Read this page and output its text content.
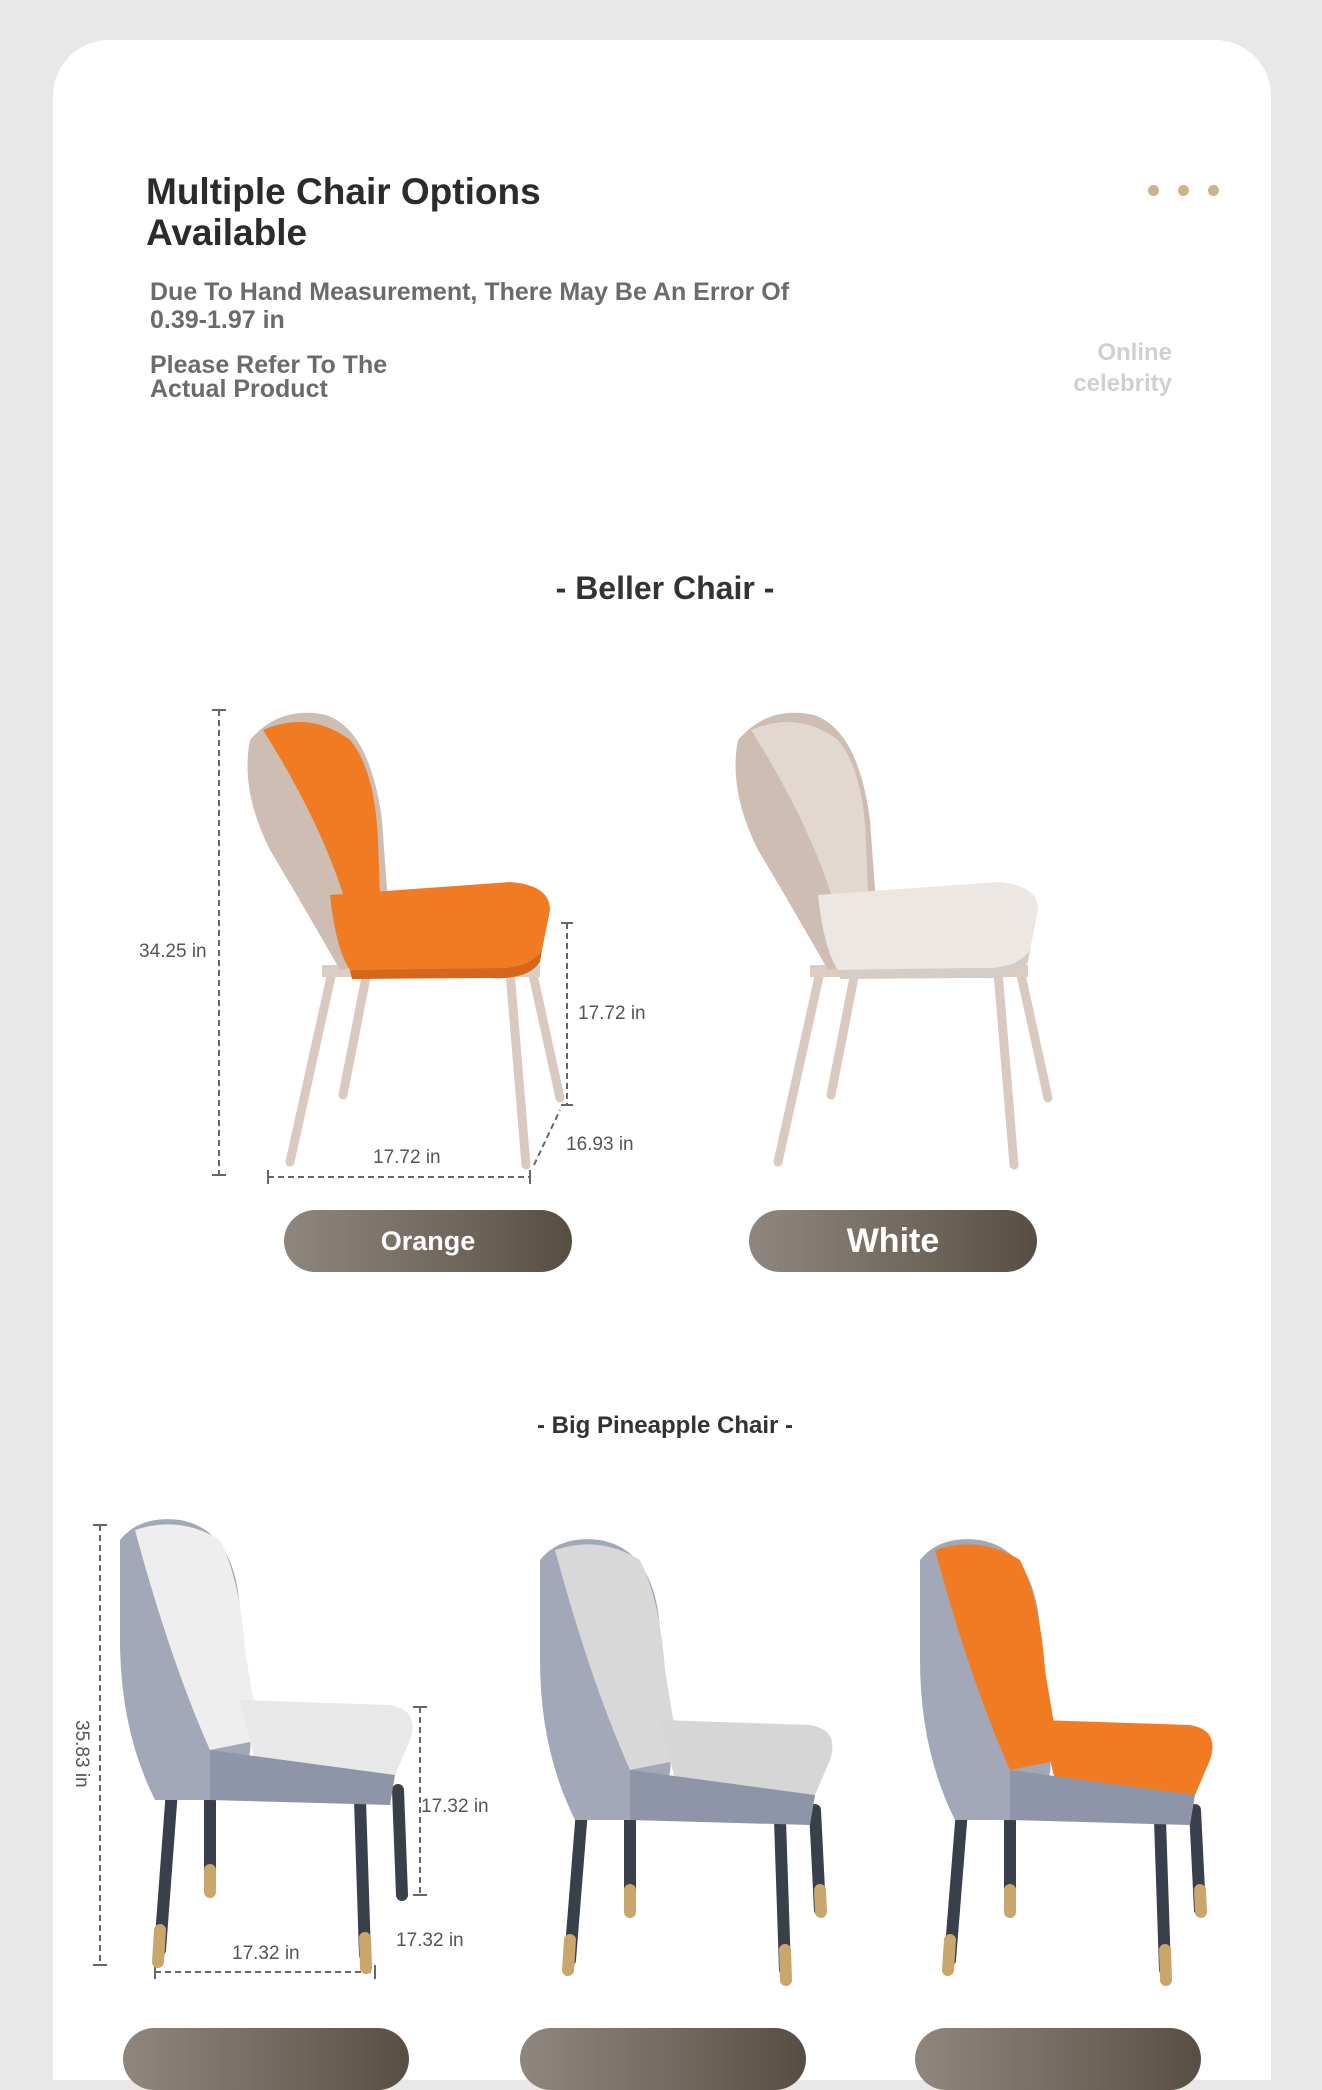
Multiple Chair Options Available
Due To Hand Measurement, There May Be An Error Of 0.39-1.97 in
Please Refer To The Actual Product
Online celebrity
- Beller Chair -
34.25 in
17.72 in
17.72 in
16.93 in
Orange	White
- Big Pineapple Chair -
35.83 in
17.32 in
17.32 in
17.32 in
